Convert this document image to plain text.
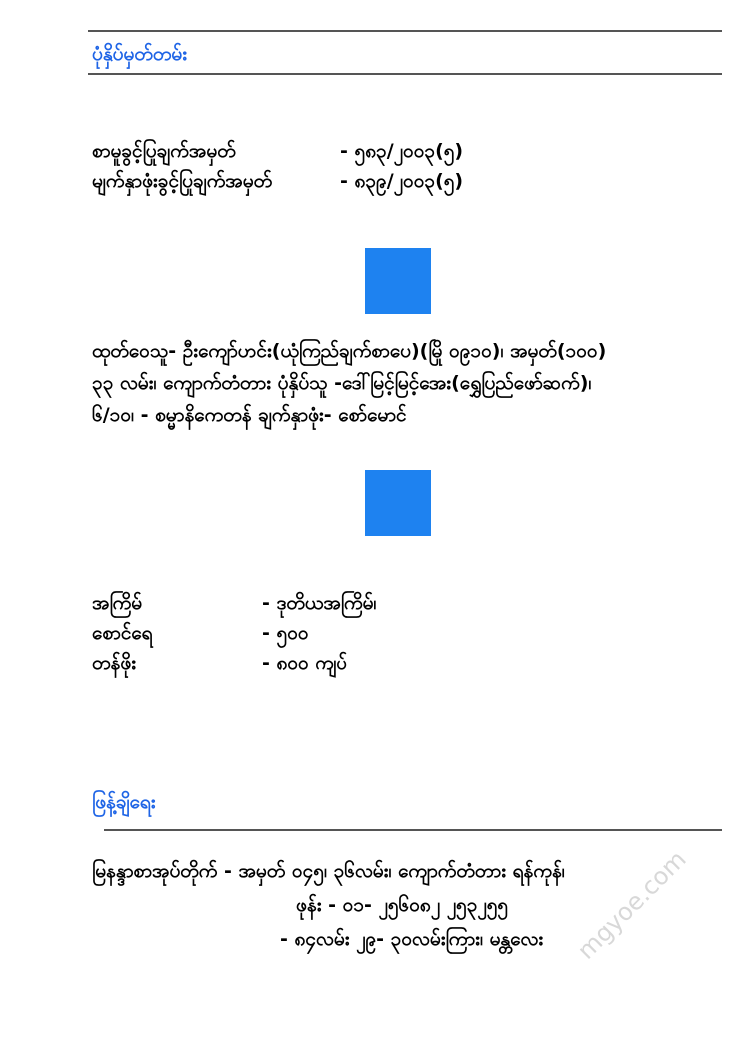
ပုံနှိပ်မှတ်တမ်း
စာမူခွင့်ပြုချက်အမှတ်	- ၅၈၃/၂၀၀၃(၅)
မျက်နှာဖုံးခွင့်ပြုချက်အမှတ်	- ၈၃၉/၂၀၀၃(၅)
ထုတ်ဝေသူ- ဦးကျော်ဟင်း(ယုံကြည်ချက်စာပေ)(မြို ၀၉၁၀)၊ အမှတ်(၁၀၀)
၃၃ လမ်း၊ ကျောက်တံတား ပုံနှိပ်သူ -ဒေါ်မြင့်မြင့်အေး(ရွှေပြည်ဖော်ဆက်)၊
၆/၁၀၊ - စမ္မာနိကေတန် ချက်နှာဖုံး- စော်မောင်
အကြိမ်	- ဒုတိယအကြိမ်၊
စောင်ရေ	- ၅၀၀
တန်ဖိုး	- ၈၀၀ ကျပ်
ဖြန့်ချိရေး
မြနန္ဒာစာအုပ်တိုက် - အမှတ် ၀၄၅၊ ၃၆လမ်း၊ ကျောက်တံတား ရန်ကုန်၊
ဖုန်း - ၀၁- ၂၅၆၀၈၂ ၂၅၃၂၅၅
- ၈၄လမ်း ၂၉- ၃၀လမ်းကြား၊ မန္တလေး mgyoe.com
